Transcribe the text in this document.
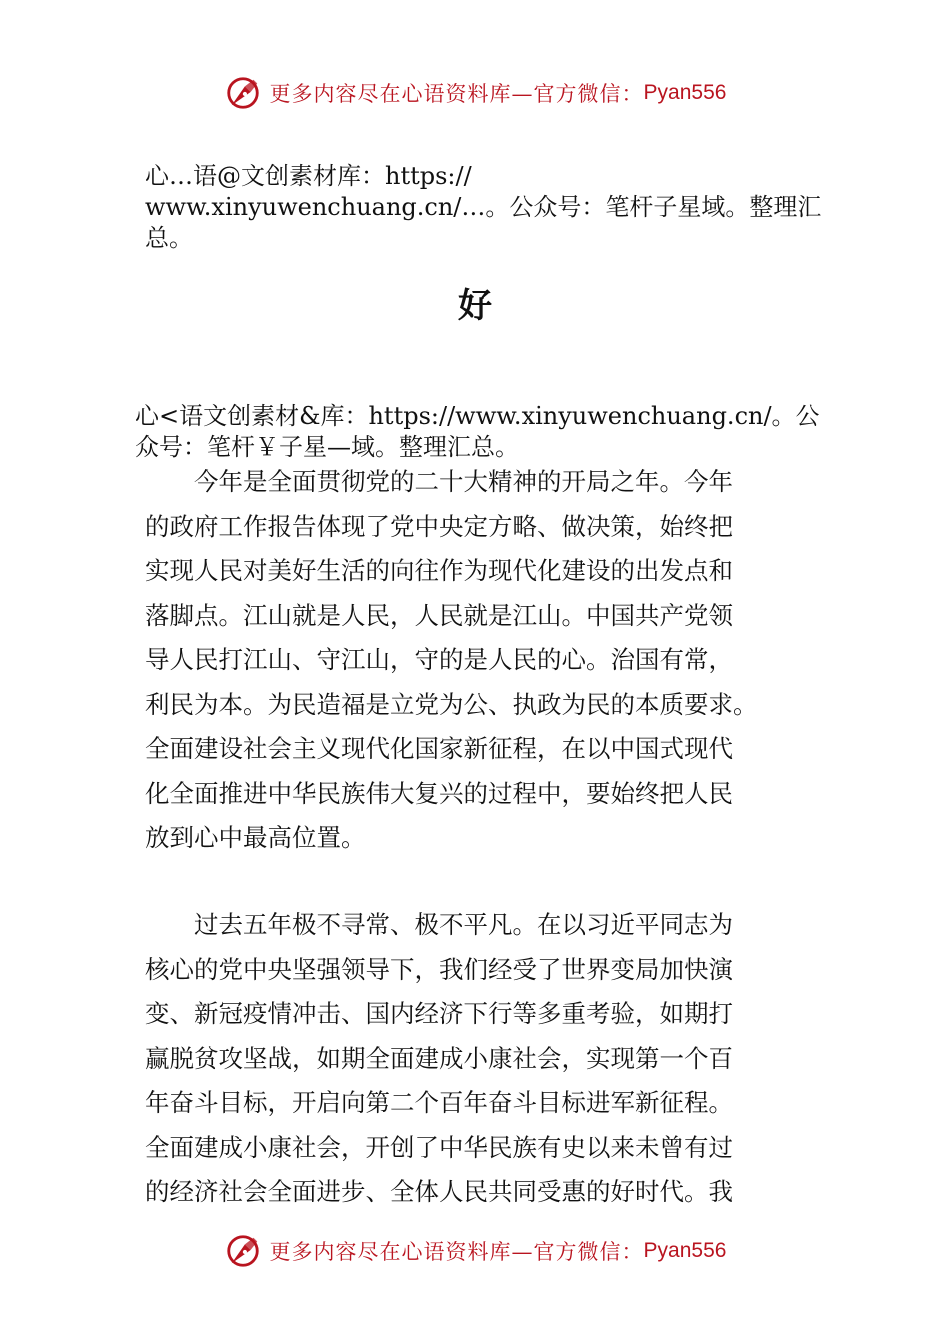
更多内容尽在心语资料库—官方微信： Pyan556
心…语@文创素材库：https://
www.xinyuwenchuang.cn/…。公众号：笔杆子星域。整理汇
总。
好
心<语文创素材&库：https://www.xinyuwenchuang.cn/。公
众号：笔杆￥子星—域。整理汇总。

　　今年是全面贯彻党的二十大精神的开局之年。今年
的政府工作报告体现了党中央定方略、做决策，始终把
实现人民对美好生活的向往作为现代化建设的出发点和
落脚点。江山就是人民，人民就是江山。中国共产党领
导人民打江山、守江山，守的是人民的心。治国有常，
利民为本。为民造福是立党为公、执政为民的本质要求。
全面建设社会主义现代化国家新征程，在以中国式现代
化全面推进中华民族伟大复兴的过程中，要始终把人民
放到心中最高位置。

　　过去五年极不寻常、极不平凡。在以习近平同志为
核心的党中央坚强领导下，我们经受了世界变局加快演
变、新冠疫情冲击、国内经济下行等多重考验，如期打
赢脱贫攻坚战，如期全面建成小康社会，实现第一个百
年奋斗目标，开启向第二个百年奋斗目标进军新征程。
全面建成小康社会，开创了中华民族有史以来未曾有过
的经济社会全面进步、全体人民共同受惠的好时代。我

更多内容尽在心语资料库—官方微信： Pyan556
